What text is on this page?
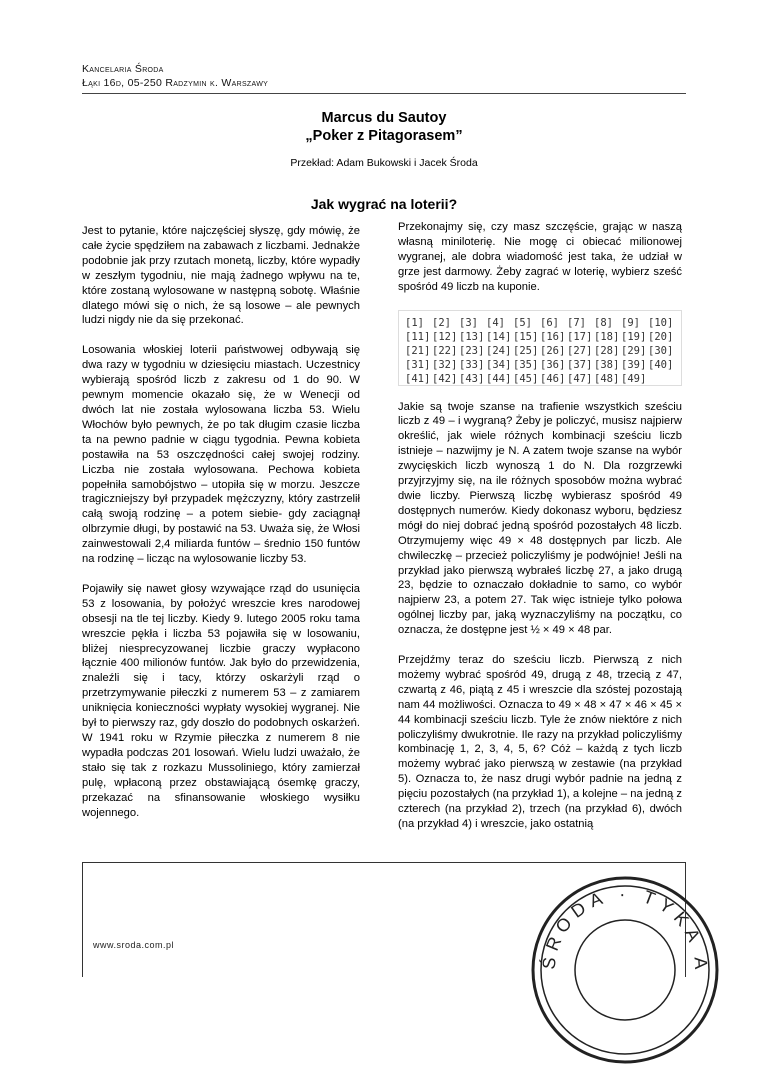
Kancelaria Środa
Łąki 16d, 05-250 Radzymin k. Warszawy
Marcus du Sautoy
„Poker z Pitagorasem”
Przekład: Adam Bukowski i Jacek Środa
Jak wygrać na loterii?

Jest to pytanie, które najczęściej słyszę, gdy mówię, że całe życie spędziłem na zabawach z liczbami. Jednakże podobnie jak przy rzutach monetą, liczby, które wypadły w zeszłym tygodniu, nie mają żadnego wpływu na te, które zostaną wylosowane w następną sobotę. Właśnie dlatego mówi się o nich, że są losowe – ale pewnych ludzi nigdy nie da się przekonać.

Losowania włoskiej loterii państwowej odbywają się dwa razy w tygodniu w dziesięciu miastach. Uczestnicy wybierają spośród liczb z zakresu od 1 do 90. W pewnym momencie okazało się, że w Wenecji od dwóch lat nie została wylosowana liczba 53. Wielu Włochów było pewnych, że po tak długim czasie liczba ta na pewno padnie w ciągu tygodnia. Pewna kobieta postawiła na 53 oszczędności całej swojej rodziny. Liczba nie została wylosowana. Pechowa kobieta popełniła samobójstwo – utopiła się w morzu. Jeszcze tragiczniejszy był przypadek mężczyzny, który zastrzelił całą swoją rodzinę – a potem siebie- gdy zaciągnął olbrzymie długi, by postawić na 53. Uważa się, że Włosi zainwestowali 2,4 miliarda funtów – średnio 150 funtów na rodzinę – licząc na wylosowanie liczby 53.

Pojawiły się nawet głosy wzywające rząd do usunięcia 53 z losowania, by położyć wreszcie kres narodowej obsesji na tle tej liczby. Kiedy 9. lutego 2005 roku tama wreszcie pękła i liczba 53 pojawiła się w losowaniu, bliżej niesprecyzowanej liczbie graczy wypłacono łącznie 400 milionów funtów. Jak było do przewidzenia, znaleźli się i tacy, którzy oskarżyli rząd o przetrzymywanie piłeczki z numerem 53 – z zamiarem uniknięcia konieczności wypłaty wysokiej wygranej. Nie był to pierwszy raz, gdy doszło do podobnych oskarżeń. W 1941 roku w Rzymie piłeczka z numerem 8 nie wypadła podczas 201 losowań. Wielu ludzi uważało, że stało się tak z rozkazu Mussoliniego, który zamierzał pulę, wpłaconą przez obstawiającą ósemkę graczy, przekazać na sfinansowanie włoskiego wysiłku wojennego.

Przekonajmy się, czy masz szczęście, grając w naszą własną miniloterię. Nie mogę ci obiecać milionowej wygranej, ale dobra wiadomość jest taka, że udział w grze jest darmowy. Żeby zagrać w loterię, wybierz sześć spośród 49 liczb na kuponie.

[1] [2] [3] [4] [5] [6] [7] [8] [9] [10]
[11] [12] [13] [14] [15] [16] [17] [18] [19] [20]
[21] [22] [23] [24] [25] [26] [27] [28] [29] [30]
[31] [32] [33] [34] [35] [36] [37] [38] [39] [40]
[41] [42] [43] [44] [45] [46] [47] [48] [49]

Jakie są twoje szanse na trafienie wszystkich sześciu liczb z 49 – i wygraną? Żeby je policzyć, musisz najpierw określić, jak wiele różnych kombinacji sześciu liczb istnieje – nazwijmy je N. A zatem twoje szanse na wybór zwycięskich liczb wynoszą 1 do N. Dla rozgrzewki przyjrzyjmy się, na ile różnych sposobów można wybrać dwie liczby. Pierwszą liczbę wybierasz spośród 49 dostępnych numerów. Kiedy dokonasz wyboru, będziesz mógł do niej dobrać jedną spośród pozostałych 48 liczb. Otrzymujemy więc 49 × 48 dostępnych par liczb. Ale chwileczkę – przecież policzyliśmy je podwójnie! Jeśli na przykład jako pierwszą wybrałeś liczbę 27, a jako drugą 23, będzie to oznaczało dokładnie to samo, co wybór najpierw 23, a potem 27. Tak więc istnieje tylko połowa ogólnej liczby par, jaką wyznaczyliśmy na początku, co oznacza, że dostępne jest ½ × 49 × 48 par.

Przejdźmy teraz do sześciu liczb. Pierwszą z nich możemy wybrać spośród 49, drugą z 48, trzecią z 47, czwartą z 46, piątą z 45 i wreszcie dla szóstej pozostają nam 44 możliwości. Oznacza to 49 × 48 × 47 × 46 × 45 × 44 kombinacji sześciu liczb. Tyle że znów niektóre z nich policzyliśmy dwukrotnie. Ile razy na przykład policzyliśmy kombinację 1, 2, 3, 4, 5, 6? Cóż – każdą z tych liczb możemy wybrać jako pierwszą w zestawie (na przykład 5). Oznacza to, że nasz drugi wybór padnie na jedną z pięciu pozostałych (na przykład 1), a kolejne – na jedną z czterech (na przykład 2), trzech (na przykład 6), dwóch (na przykład 4) i wreszcie, jako ostatnią

www.sroda.com.pl
ŚRODA · TYKA ANGIE
